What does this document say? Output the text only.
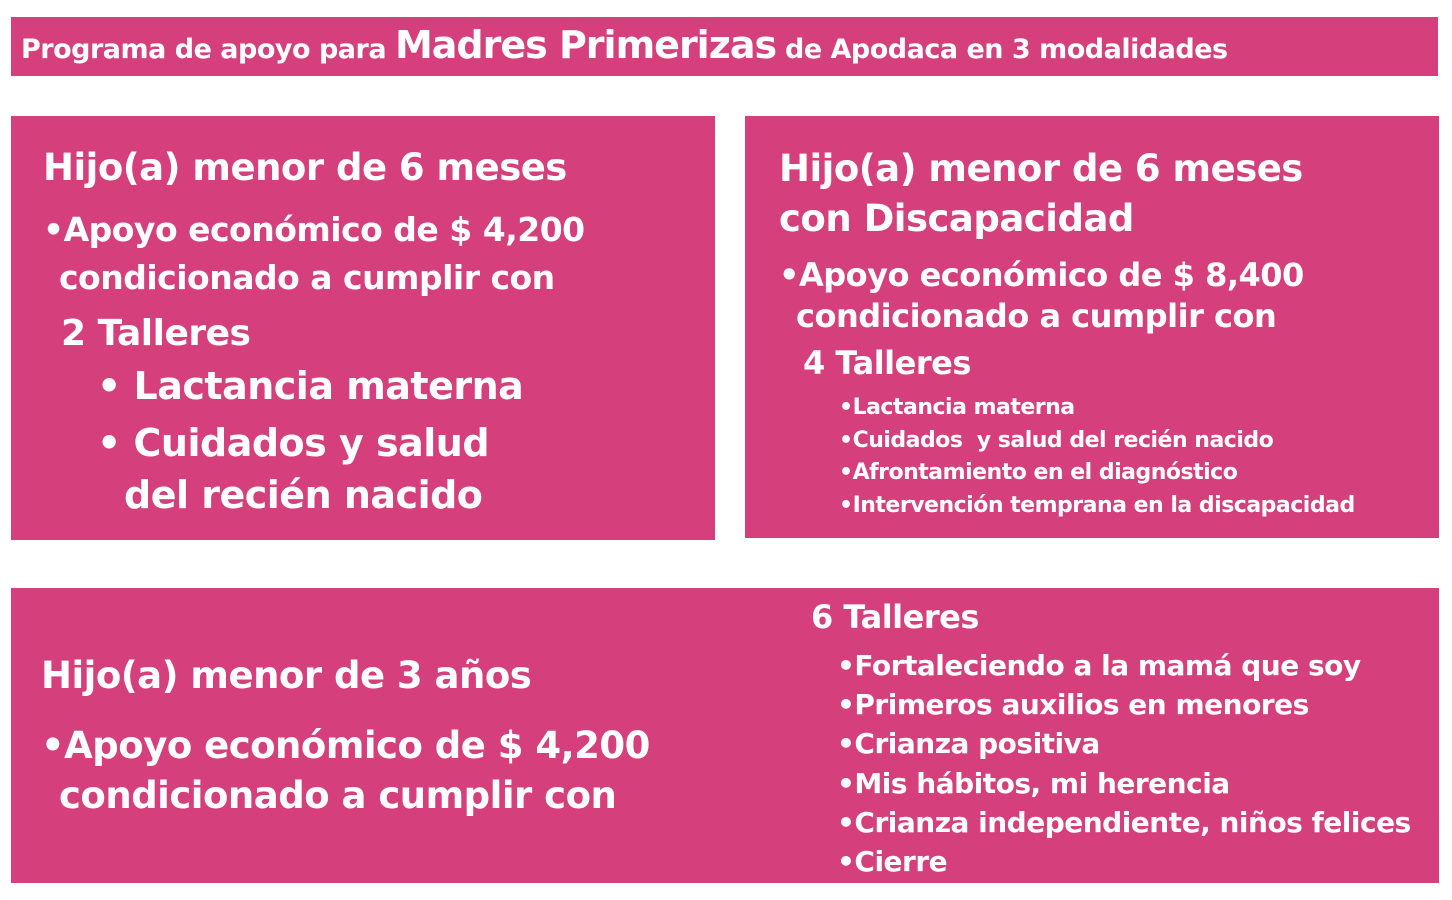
Programa de apoyo para Madres Primerizas de Apodaca en 3 modalidades

Hijo(a) menor de 6 meses

• Apoyo económico de $ 4,200

condicionado a cumplir con

2 Talleres

• Lactancia materna

• Cuidados y salud
del recién nacido

Hijo(a) menor de 6 meses
con Discapacidad

• Apoyo económico de $ 8,400

condicionado a cumplir con

4 Talleres

• Lactancia materna
• Cuidados  y salud del recién nacido
• Afrontamiento en el diagnóstico
• Intervención temprana en la discapacidad

Hijo(a) menor de 3 años

• Apoyo económico de $ 4,200

condicionado a cumplir con

6 Talleres

• Fortaleciendo a la mamá que soy
• Primeros auxilios en menores
• Crianza positiva
• Mis hábitos, mi herencia
• Crianza independiente, niños felices
• Cierre
